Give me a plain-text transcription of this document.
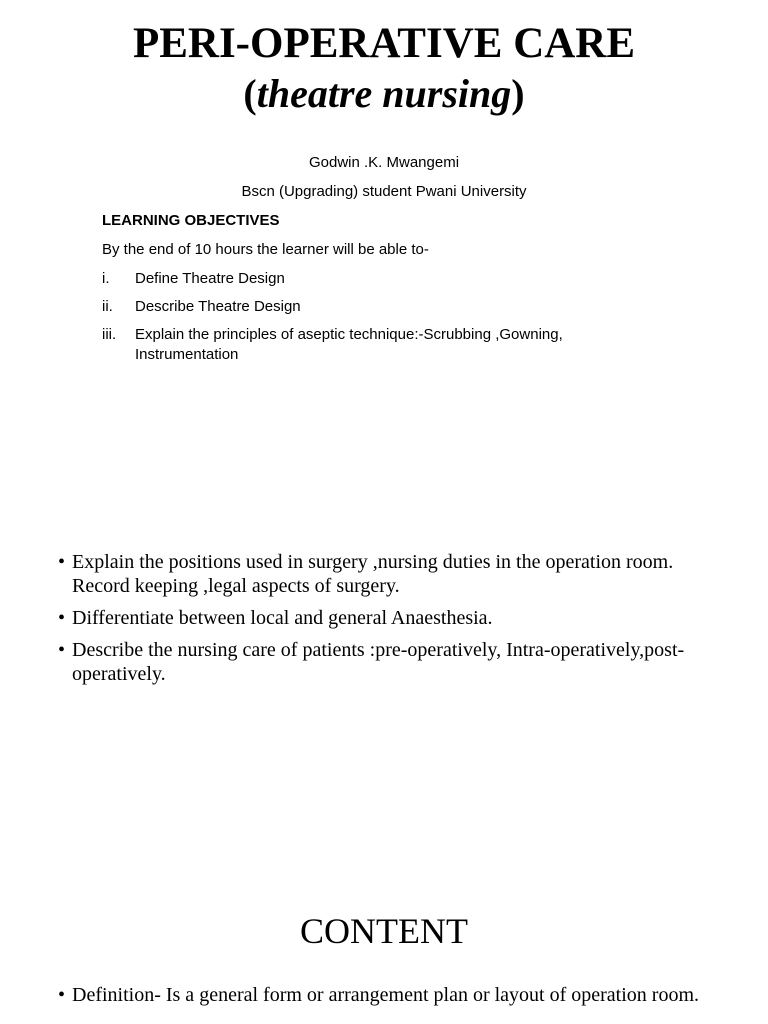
PERI-OPERATIVE CARE
(theatre nursing)
Godwin .K. Mwangemi
Bscn (Upgrading) student Pwani University
LEARNING OBJECTIVES
By the end of 10 hours the learner will be able to-
i. Define Theatre Design
ii. Describe Theatre Design
iii. Explain the principles of aseptic technique:-Scrubbing ,Gowning, Instrumentation
• Explain the positions used in surgery ,nursing duties in the operation room. Record keeping ,legal aspects of surgery.
• Differentiate between local and general Anaesthesia.
• Describe the nursing care of patients :pre-operatively, Intra-operatively,post-operatively.
CONTENT
• Definition- Is a general form or arrangement plan or layout of operation room.
